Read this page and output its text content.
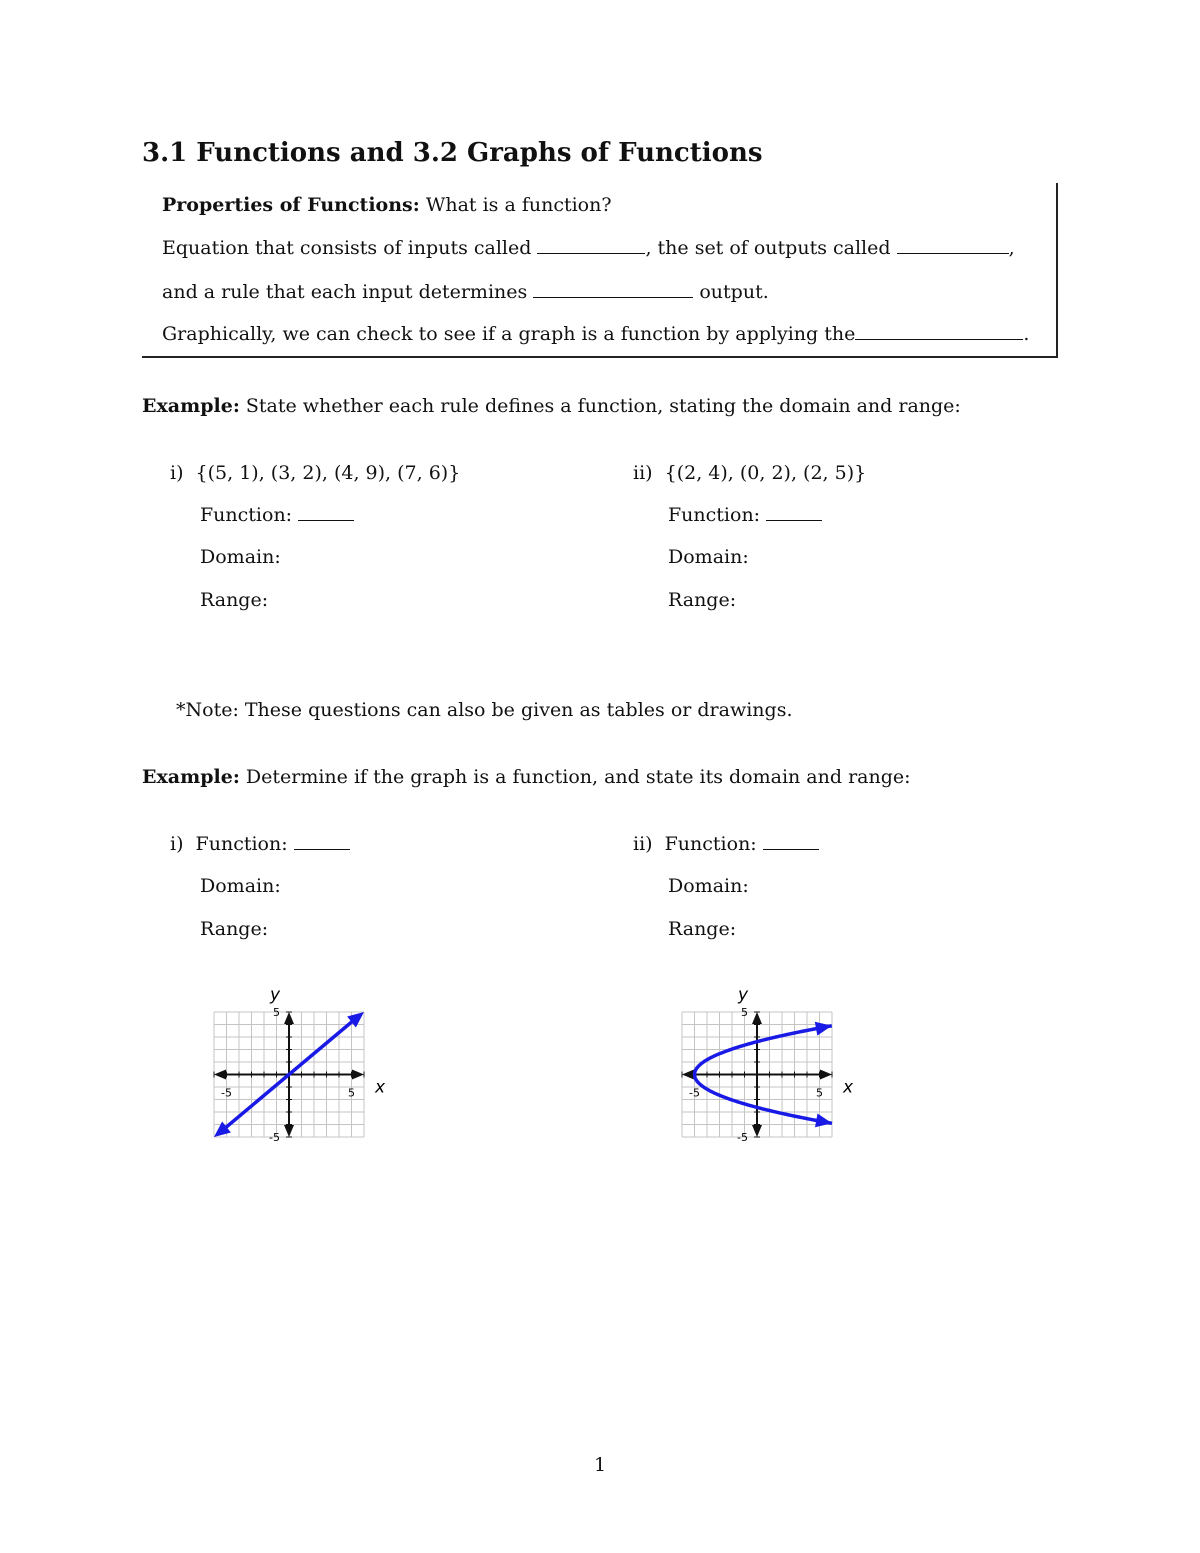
3.1 Functions and 3.2 Graphs of Functions
Properties of Functions: What is a function?
Equation that consists of inputs called	, the set of outputs called	,
and a rule that each input determines	output.
Graphically, we can check to see if a graph is a function by applying the	.
Example: State whether each rule defines a function, stating the domain and range:
i) {(5, 1), (3, 2), (4, 9), (7, 6)}
Function:
Domain:
Range:
ii) {(2, 4), (0, 2), (2, 5)}
Function:
Domain:
Range:
*Note: These questions can also be given as tables or drawings.
Example: Determine if the graph is a function, and state its domain and range:
i) Function:
Domain:
Range:
ii) Function:
Domain:
Range:
y
x
-5	5
5
-5
y
x
-5	5
5
-5
1
